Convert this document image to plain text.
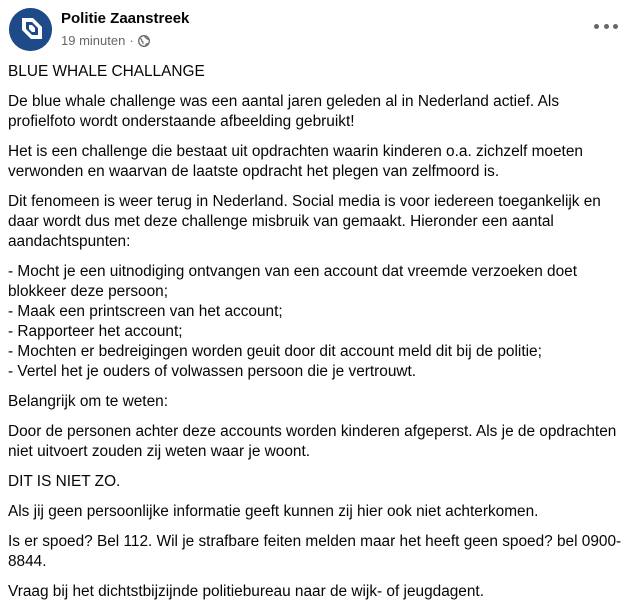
Politie Zaanstreek
19 minuten ·

BLUE WHALE CHALLANGE

De blue whale challenge was een aantal jaren geleden al in Nederland actief. Als profielfoto wordt onderstaande afbeelding gebruikt!

Het is een challenge die bestaat uit opdrachten waarin kinderen o.a. zichzelf moeten verwonden en waarvan de laatste opdracht het plegen van zelfmoord is.

Dit fenomeen is weer terug in Nederland. Social media is voor iedereen toegankelijk en daar wordt dus met deze challenge misbruik van gemaakt. Hieronder een aantal aandachtspunten:

- Mocht je een uitnodiging ontvangen van een account dat vreemde verzoeken doet blokkeer deze persoon;
- Maak een printscreen van het account;
- Rapporteer het account;
- Mochten er bedreigingen worden geuit door dit account meld dit bij de politie;
- Vertel het je ouders of volwassen persoon die je vertrouwt.

Belangrijk om te weten:

Door de personen achter deze accounts worden kinderen afgeperst. Als je de opdrachten niet uitvoert zouden zij weten waar je woont.

DIT IS NIET ZO.

Als jij geen persoonlijke informatie geeft kunnen zij hier ook niet achterkomen.

Is er spoed? Bel 112. Wil je strafbare feiten melden maar het heeft geen spoed? bel 0900-8844.

Vraag bij het dichtstbijzijnde politiebureau naar de wijk- of jeugdagent.
